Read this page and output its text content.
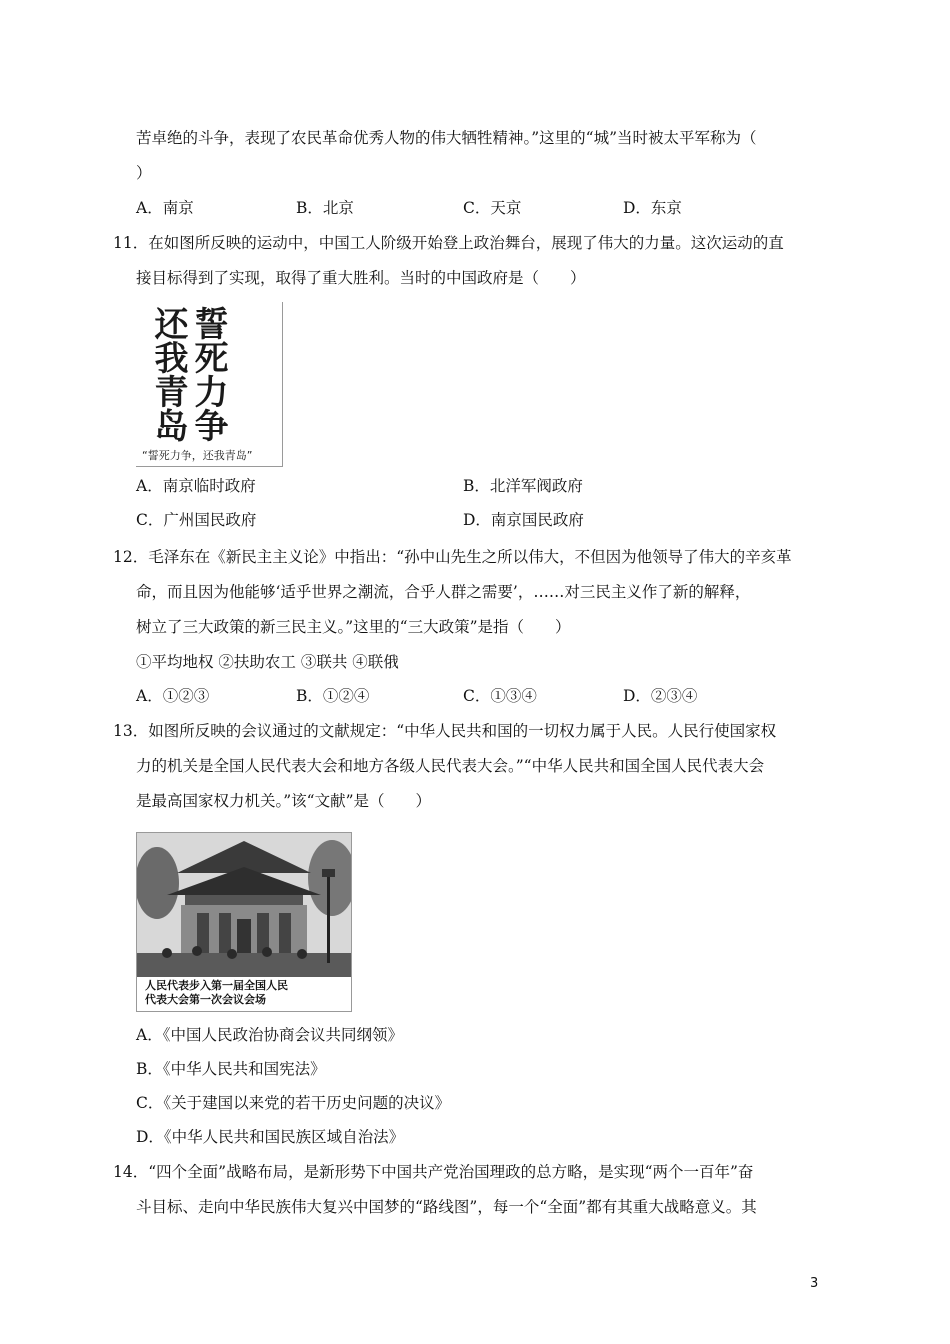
苦卓绝的斗争，表现了农民革命优秀人物的伟大牺牲精神。”这里的“城”当时被太平军称为（
）
A．南京	B．北京	C．天京	D．东京
11．在如图所反映的运动中，中国工人阶级开始登上政治舞台，展现了伟大的力量。这次运动的直
接目标得到了实现，取得了重大胜利。当时的中国政府是（　　）
誓死力争
还我青岛
“誓死力争，还我青岛”
A．南京临时政府	B．北洋军阀政府
C．广州国民政府	D．南京国民政府
12．毛泽东在《新民主主义论》中指出：“孙中山先生之所以伟大，不但因为他领导了伟大的辛亥革
命，而且因为他能够‘适乎世界之潮流，合乎人群之需要’，……对三民主义作了新的解释，
树立了三大政策的新三民主义。”这里的“三大政策”是指（　　）
①平均地权 ②扶助农工 ③联共 ④联俄
A．①②③	B．①②④	C．①③④	D．②③④
13．如图所反映的会议通过的文献规定：“中华人民共和国的一切权力属于人民。人民行使国家权
力的机关是全国人民代表大会和地方各级人民代表大会。”“中华人民共和国全国人民代表大会
是最高国家权力机关。”该“文献”是（　　）
人民代表步入第一届全国人民
代表大会第一次会议会场
A．《中国人民政治协商会议共同纲领》
B．《中华人民共和国宪法》
C．《关于建国以来党的若干历史问题的决议》
D．《中华人民共和国民族区域自治法》
14．“四个全面”战略布局，是新形势下中国共产党治国理政的总方略，是实现“两个一百年”奋
斗目标、走向中华民族伟大复兴中国梦的“路线图”，每一个“全面”都有其重大战略意义。其
3
